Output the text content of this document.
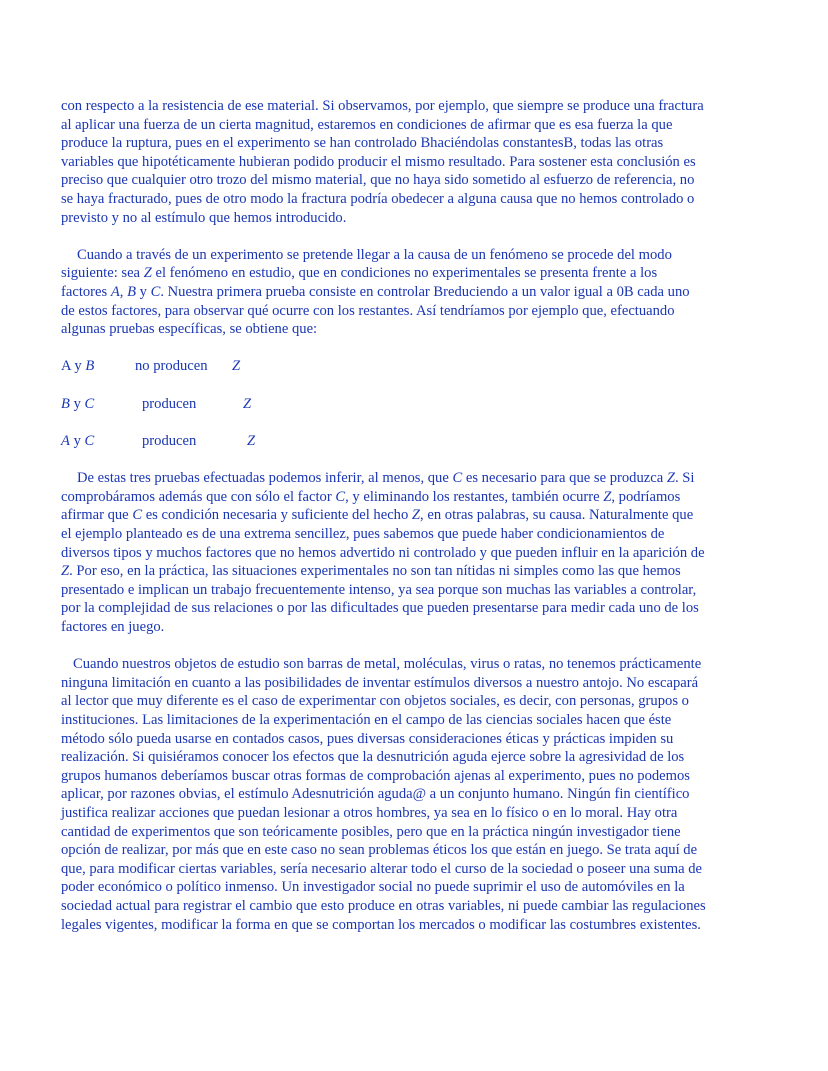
con respecto a la resistencia de ese material. Si observamos, por ejemplo, que siempre se produce una fractura

al aplicar una fuerza de un cierta magnitud, estaremos en condiciones de afirmar que es esa fuerza la que

produce la ruptura, pues en el experimento se han controlado Bhaciéndolas constantesB, todas las otras

variables que hipotéticamente hubieran podido producir el mismo resultado. Para sostener esta conclusión es

preciso que cualquier otro trozo del mismo material, que no haya sido sometido al esfuerzo de referencia, no

se haya fracturado, pues de otro modo la fractura podría obedecer a alguna causa que no hemos controlado o

previsto y no al estímulo que hemos introducido.

Cuando a través de un experimento se pretende llegar a la causa de un fenómeno se procede del modo

siguiente: sea Z el fenómeno en estudio, que en condiciones no experimentales se presenta frente a los

factores A, B y C. Nuestra primera prueba consiste en controlar Breduciendo a un valor igual a 0B cada uno

de estos factores, para observar qué ocurre con los restantes. Así tendríamos por ejemplo que, efectuando

algunas pruebas específicas, se obtiene que:

A y B	no producen Z

B y C	producen	Z

A y C	producen	Z

De estas tres pruebas efectuadas podemos inferir, al menos, que C es necesario para que se produzca Z. Si

comprobáramos además que con sólo el factor C, y eliminando los restantes, también ocurre Z, podríamos

afirmar que C es condición necesaria y suficiente del hecho Z, en otras palabras, su causa. Naturalmente que

el ejemplo planteado es de una extrema sencillez, pues sabemos que puede haber condicionamientos de

diversos tipos y muchos factores que no hemos advertido ni controlado y que pueden influir en la aparición de

Z. Por eso, en la práctica, las situaciones experimentales no son tan nítidas ni simples como las que hemos

presentado e implican un trabajo frecuentemente intenso, ya sea porque son muchas las variables a controlar,

por la complejidad de sus relaciones o por las dificultades que pueden presentarse para medir cada uno de los

factores en juego.

Cuando nuestros objetos de estudio son barras de metal, moléculas, virus o ratas, no tenemos prácticamente

ninguna limitación en cuanto a las posibilidades de inventar estímulos diversos a nuestro antojo. No escapará

al lector que muy diferente es el caso de experimentar con objetos sociales, es decir, con personas, grupos o

instituciones. Las limitaciones de la experimentación en el campo de las ciencias sociales hacen que éste

método sólo pueda usarse en contados casos, pues diversas consideraciones éticas y prácticas impiden su

realización. Si quisiéramos conocer los efectos que la desnutrición aguda ejerce sobre la agresividad de los

grupos humanos deberíamos buscar otras formas de comprobación ajenas al experimento, pues no podemos

aplicar, por razones obvias, el estímulo Adesnutrición aguda@ a un conjunto humano. Ningún fin científico

justifica realizar acciones que puedan lesionar a otros hombres, ya sea en lo físico o en lo moral. Hay otra

cantidad de experimentos que son teóricamente posibles, pero que en la práctica ningún investigador tiene

opción de realizar, por más que en este caso no sean problemas éticos los que están en juego. Se trata aquí de

que, para modificar ciertas variables, sería necesario alterar todo el curso de la sociedad o poseer una suma de

poder económico o político inmenso. Un investigador social no puede suprimir el uso de automóviles en la

sociedad actual para registrar el cambio que esto produce en otras variables, ni puede cambiar las regulaciones

legales vigentes, modificar la forma en que se comportan los mercados o modificar las costumbres existentes.
